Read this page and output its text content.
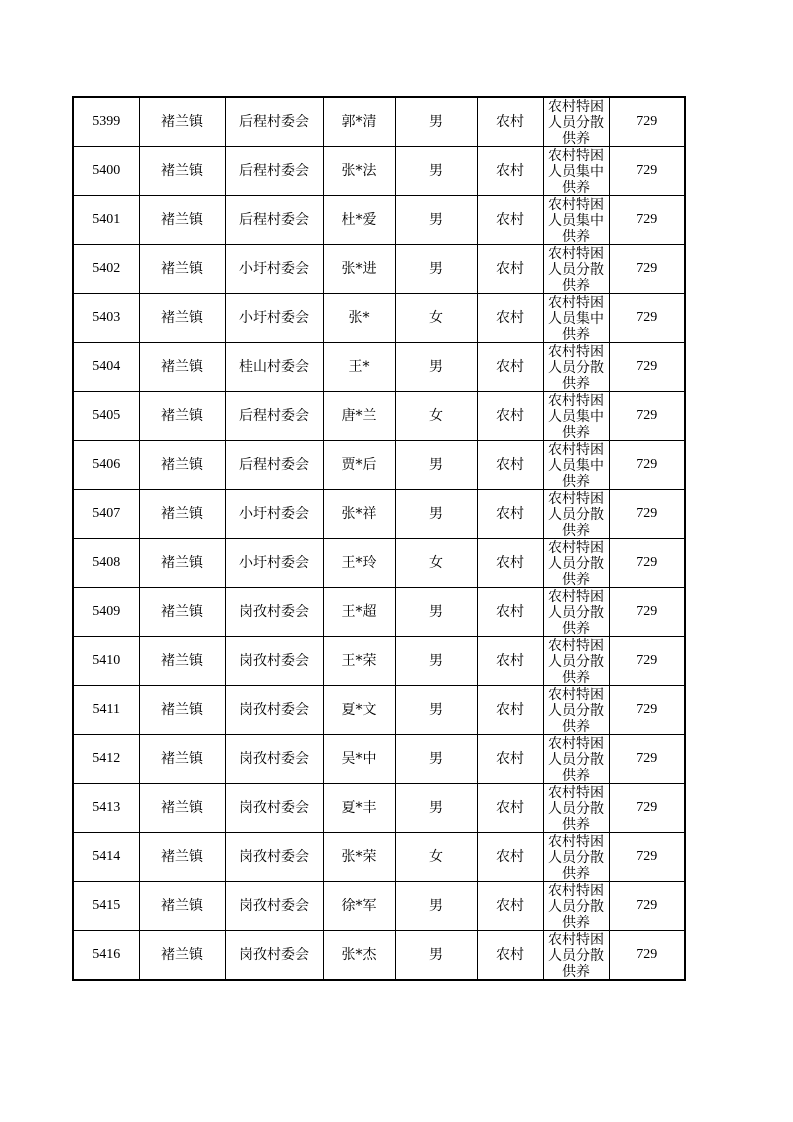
5399	褚兰镇	后程村委会	郭*清	男	农村	农村特困人员分散供养	729
5400	褚兰镇	后程村委会	张*法	男	农村	农村特困人员集中供养	729
5401	褚兰镇	后程村委会	杜*爱	男	农村	农村特困人员集中供养	729
5402	褚兰镇	小圩村委会	张*进	男	农村	农村特困人员分散供养	729
5403	褚兰镇	小圩村委会	张*	女	农村	农村特困人员集中供养	729
5404	褚兰镇	桂山村委会	王*	男	农村	农村特困人员分散供养	729
5405	褚兰镇	后程村委会	唐*兰	女	农村	农村特困人员集中供养	729
5406	褚兰镇	后程村委会	贾*后	男	农村	农村特困人员集中供养	729
5407	褚兰镇	小圩村委会	张*祥	男	农村	农村特困人员分散供养	729
5408	褚兰镇	小圩村委会	王*玲	女	农村	农村特困人员分散供养	729
5409	褚兰镇	岗孜村委会	王*超	男	农村	农村特困人员分散供养	729
5410	褚兰镇	岗孜村委会	王*荣	男	农村	农村特困人员分散供养	729
5411	褚兰镇	岗孜村委会	夏*文	男	农村	农村特困人员分散供养	729
5412	褚兰镇	岗孜村委会	吴*中	男	农村	农村特困人员分散供养	729
5413	褚兰镇	岗孜村委会	夏*丰	男	农村	农村特困人员分散供养	729
5414	褚兰镇	岗孜村委会	张*荣	女	农村	农村特困人员分散供养	729
5415	褚兰镇	岗孜村委会	徐*军	男	农村	农村特困人员分散供养	729
5416	褚兰镇	岗孜村委会	张*杰	男	农村	农村特困人员分散供养	729
